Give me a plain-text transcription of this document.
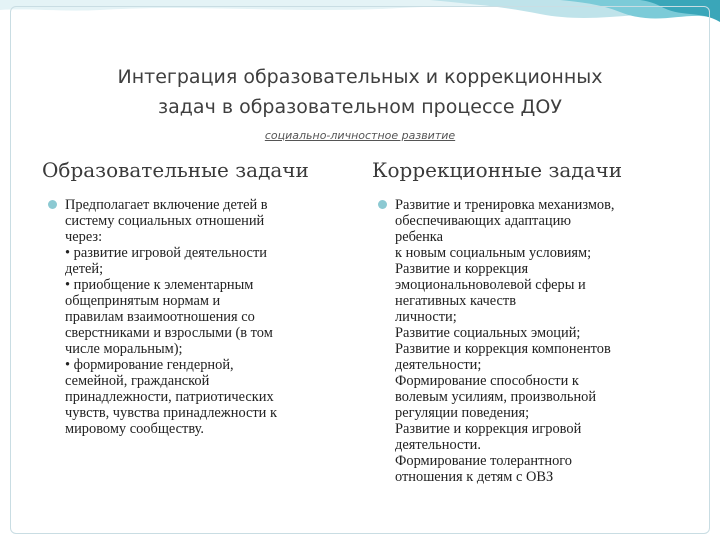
Интеграция образовательных и коррекционных
задач в образовательном процессе ДОУ
социально-личностное развитие
Образовательные задачи	Коррекционные задачи
Предполагает включение детей в
систему социальных отношений
через:
• развитие игровой деятельности
детей;
• приобщение к элементарным
общепринятым нормам и
правилам взаимоотношения со
сверстниками и взрослыми (в том
числе моральным);
• формирование гендерной,
семейной, гражданской
принадлежности, патриотических
чувств, чувства принадлежности к
мировому сообществу.
Развитие и тренировка механизмов,
обеспечивающих адаптацию
ребенка
к новым социальным условиям;
Развитие и коррекция
эмоциональноволевой сферы и
негативных качеств
личности;
Развитие социальных эмоций;
Развитие и коррекция компонентов
деятельности;
Формирование способности к
волевым усилиям, произвольной
регуляции поведения;
Развитие и коррекция игровой
деятельности.
Формирование толерантного
отношения к детям с ОВЗ
